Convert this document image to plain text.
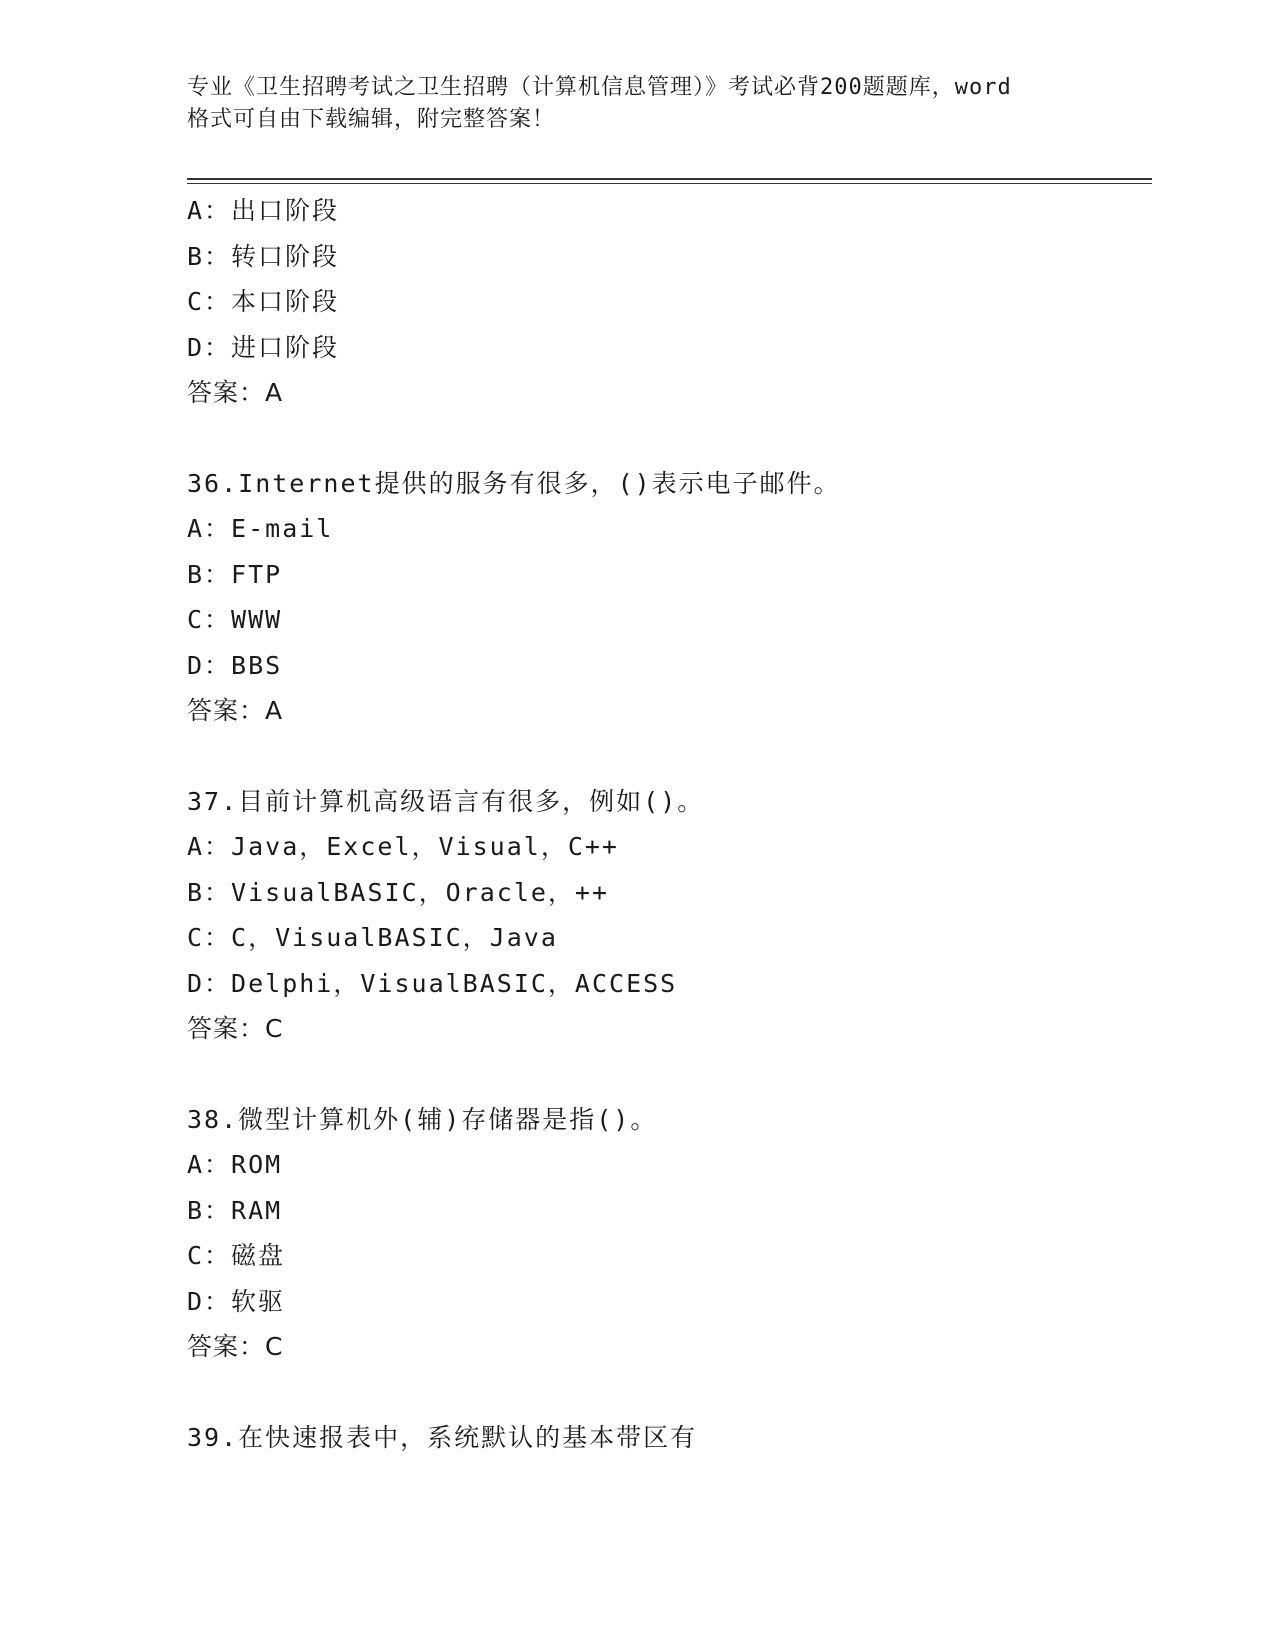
专业《卫生招聘考试之卫生招聘（计算机信息管理）》考试必背200题题库，word
格式可自由下载编辑，附完整答案！
A：出口阶段
B：转口阶段
C：本口阶段
D：进口阶段
答案：A
36.Internet提供的服务有很多，()表示电子邮件。
A：E-mail
B：FTP
C：WWW
D：BBS
答案：A
37.目前计算机高级语言有很多，例如()。
A：Java，Excel，Visual，C++
B：VisualBASIC，Oracle，++
C：C，VisualBASIC，Java
D：Delphi，VisualBASIC，ACCESS
答案：C
38.微型计算机外(辅)存储器是指()。
A：ROM
B：RAM
C：磁盘
D：软驱
答案：C
39.在快速报表中，系统默认的基本带区有
